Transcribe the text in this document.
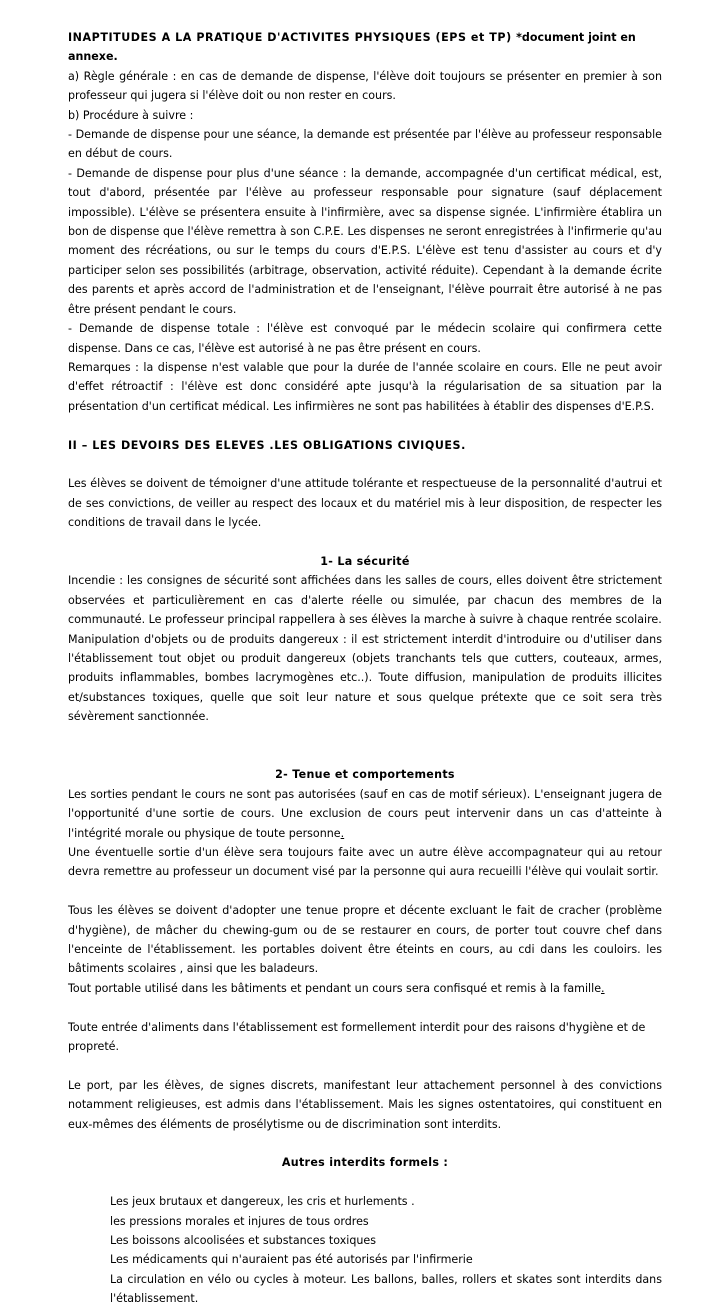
INAPTITUDES A LA PRATIQUE D'ACTIVITES PHYSIQUES (EPS et TP) *document joint en annexe.

a) Règle générale : en cas de demande de dispense, l'élève doit toujours se présenter en premier à son professeur qui jugera si l'élève doit ou non rester en cours.

b) Procédure à suivre :

- Demande de dispense pour une séance, la demande est présentée par l'élève au professeur responsable en début de cours.

- Demande de dispense pour plus d'une séance : la demande, accompagnée d'un certificat médical, est, tout d'abord, présentée par l'élève au professeur responsable pour signature (sauf déplacement impossible). L'élève se présentera ensuite à l'infirmière, avec sa dispense signée. L'infirmière établira un bon de dispense que l'élève remettra à son C.P.E. Les dispenses ne seront enregistrées à l'infirmerie qu'au moment des récréations, ou sur le temps du cours d'E.P.S. L'élève est tenu d'assister au cours et d'y participer selon ses possibilités (arbitrage, observation, activité réduite). Cependant à la demande écrite des parents et après accord de l'administration et de l'enseignant, l'élève pourrait être autorisé à ne pas être présent pendant le cours.

- Demande de dispense totale : l'élève est convoqué par le médecin scolaire qui confirmera cette dispense. Dans ce cas, l'élève est autorisé à ne pas être présent en cours.

Remarques : la dispense n'est valable que pour la durée de l'année scolaire en cours. Elle ne peut avoir d'effet rétroactif : l'élève est donc considéré apte jusqu'à la régularisation de sa situation par la présentation d'un certificat médical. Les infirmières ne sont pas habilitées à établir des dispenses d'E.P.S.

II – LES DEVOIRS DES ELEVES .LES OBLIGATIONS CIVIQUES.

Les élèves se doivent de témoigner d'une attitude tolérante et respectueuse de la personnalité d'autrui et de ses convictions, de veiller au respect des locaux et du matériel mis à leur disposition, de respecter les conditions de travail dans le lycée.

1- La sécurité

Incendie : les consignes de sécurité sont affichées dans les salles de cours, elles doivent être strictement observées et particulièrement en cas d'alerte réelle ou simulée, par chacun des membres de la communauté. Le professeur principal rappellera à ses élèves la marche à suivre à chaque rentrée scolaire.

Manipulation d'objets ou de produits dangereux : il est strictement interdit d'introduire ou d'utiliser dans l'établissement tout objet ou produit dangereux (objets tranchants tels que cutters, couteaux, armes, produits inflammables, bombes lacrymogènes etc..). Toute diffusion, manipulation de produits illicites et/substances toxiques, quelle que soit leur nature et sous quelque prétexte que ce soit sera très sévèrement sanctionnée.

2- Tenue et comportements

Les sorties pendant le cours ne sont pas autorisées (sauf en cas de motif sérieux). L'enseignant jugera de l'opportunité d'une sortie de cours. Une exclusion de cours peut intervenir dans un cas d'atteinte à l'intégrité morale ou physique de toute personne.

Une éventuelle sortie d'un élève sera toujours faite avec un autre élève accompagnateur qui au retour devra remettre au professeur un document visé par la personne qui aura recueilli l'élève qui voulait sortir.

Tous les élèves se doivent d'adopter une tenue propre et décente excluant le fait de cracher (problème d'hygiène), de mâcher du chewing-gum ou de se restaurer en cours, de porter tout couvre chef dans l'enceinte de l'établissement. les portables doivent être éteints en cours, au cdi dans les couloirs. les bâtiments scolaires , ainsi que les baladeurs.

Tout portable utilisé dans les bâtiments et pendant un cours sera confisqué et remis à la famille.

Toute entrée d'aliments dans l'établissement est formellement interdit pour des raisons d'hygiène et de propreté.

Le port, par les élèves, de signes discrets, manifestant leur attachement personnel à des convictions notamment religieuses, est admis dans l'établissement. Mais les signes ostentatoires, qui constituent en eux-mêmes des éléments de prosélytisme ou de discrimination sont interdits.

Autres interdits formels :

Les jeux brutaux et dangereux, les cris et hurlements .

les pressions morales et injures de tous ordres

Les boissons alcoolisées et substances toxiques

Les médicaments qui n'auraient pas été autorisés par l'infirmerie

La circulation en vélo ou cycles à moteur. Les ballons, balles, rollers et skates sont interdits dans l'établissement.
